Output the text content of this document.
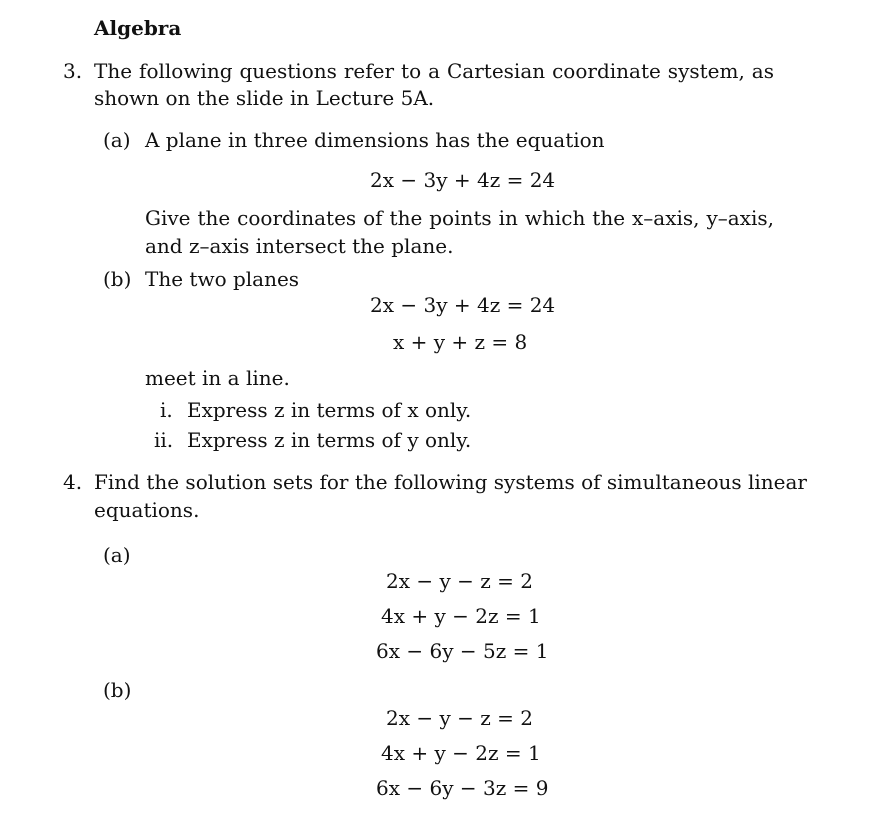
Algebra
3. The following questions refer to a Cartesian coordinate system, as
shown on the slide in Lecture 5A.
(a) A plane in three dimensions has the equation
2x − 3y + 4z = 24
Give the coordinates of the points in which the x–axis, y–axis,
and z–axis intersect the plane.
(b) The two planes
2x − 3y + 4z = 24
x + y + z = 8
meet in a line.
i. Express z in terms of x only.
ii. Express z in terms of y only.
4. Find the solution sets for the following systems of simultaneous linear
equations.
(a)
2x − y − z = 2
4x + y − 2z = 1
6x − 6y − 5z = 1
(b)
2x − y − z = 2
4x + y − 2z = 1
6x − 6y − 3z = 9
